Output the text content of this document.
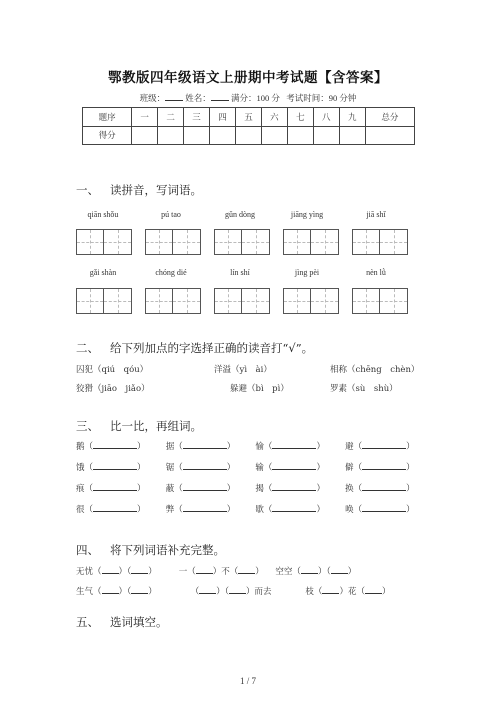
鄂教版四年级语文上册期中考试题【含答案】
班级： 姓名： 满分：100 分 考试时间：90 分钟
题序	一	二	三	四	五	六	七	八	九	总分
得分										
一、 读拼音，写词语。
qiān shǒu	pú tao	gǔn dòng	jiāng yìng	jiā shǐ
gǎi shàn	chóng dié	lín shí	jìng pèi	nèn lǜ
二、 给下列加点的字选择正确的读音打“√”。
囚犯（qiú　qóu）	洋溢（yì　ài）	相称（chēng　chèn）
狡猾（jiāo　jiǎo）	躲避（bì　pì）	罗素（sù　shù）
三、 比一比，再组词。
鹅（	） 据（	） 愉（	） 避（	）
饿（	） 锯（	） 输（	） 僻（	）
痕（	） 蔽（	） 揭（	） 换（	）
很（	） 弊（	） 歇（	） 唤（	）
四、 将下列词语补充完整。
无忧（ ）（ ）	一（ ）不（ ） 空空（ ）（ ）
生气（ ）（ ）	（ ）（ ）而去	枝（ ）花（ ）
五、 选词填空。
1 / 7
